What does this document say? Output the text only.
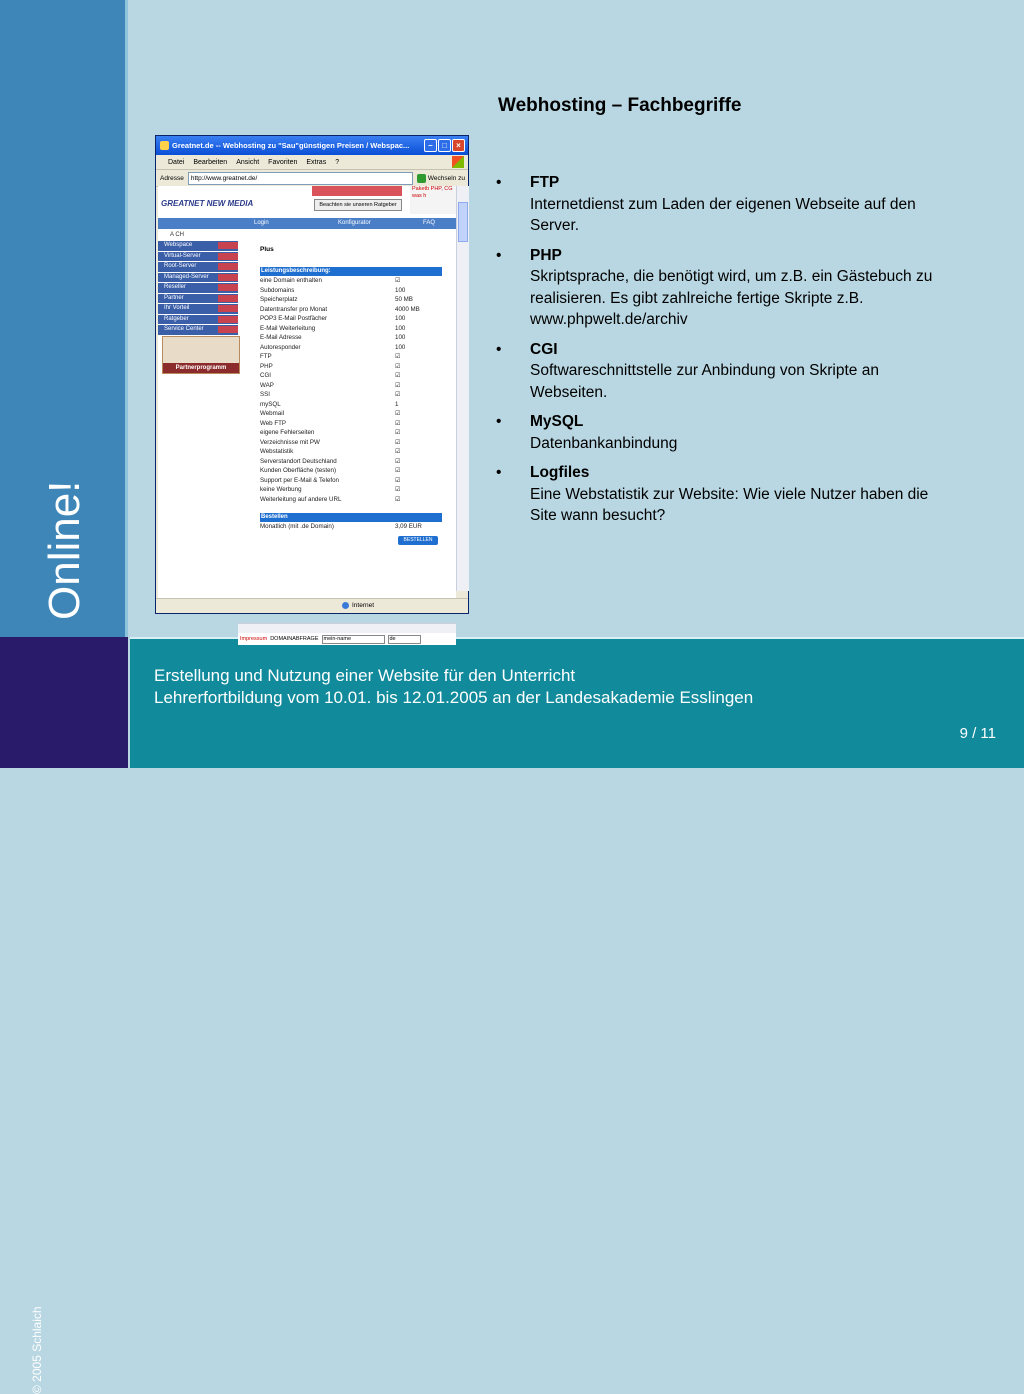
Online!
© 2005 Schlaich
Erstellung und Nutzung einer Website für den Unterricht
Lehrerfortbildung vom 10.01. bis 12.01.2005 an der Landesakademie Esslingen
9 / 11
Webhosting – Fachbegriffe
•	FTP
Internetdienst zum Laden der eigenen Webseite auf den Server.
•	PHP
Skriptsprache, die benötigt wird, um z.B. ein Gästebuch zu realisieren. Es gibt zahlreiche fertige Skripte z.B. www.phpwelt.de/archiv
•	CGI
Softwareschnittstelle zur Anbindung von Skripte an Webseiten.
•	MySQL
Datenbankanbindung
•	Logfiles
Eine Webstatistik zur Website: Wie viele Nutzer haben die Site wann besucht?
Greatnet.de -- Webhosting zu "Sau"günstigen Preisen / Webspac...	–	□	×
Datei Bearbeiten Ansicht Favoriten Extras ?
Adresse	http://www.greatnet.de/	Wechseln zu
GREATNET NEW MEDIA	Beachten sie unseren Ratgeber
Paketb PHP, CG was h
Login	Konfigurator	FAQ
A CH
Webspace
Virtual-Server
Root-Server
Managed-Server
Reseller
Partner
Ihr Vorteil
Ratgeber
Service Center
Partnerprogramm
Plus
Leistungsbeschreibung:
eine Domain enthalten	☑
Subdomains	100
Speicherplatz	50 MB
Datentransfer pro Monat	4000 MB
POP3 E-Mail Postfächer	100
E-Mail Weiterleitung	100
E-Mail Adresse	100
Autoresponder	100
FTP	☑
PHP	☑
CGI	☑
WAP	☑
SSI	☑
mySQL	1
Webmail	☑
Web FTP	☑
eigene Fehlerseiten	☑
Verzeichnisse mit PW	☑
Webstatistik	☑
Serverstandort Deutschland	☑
Kunden Oberfläche (testen)	☑
Support per E-Mail & Telefon	☑
keine Werbung	☑
Weiterleitung auf andere URL	☑
Bestellen
Monatlich (mit .de Domain)	3,09 EUR
BESTELLEN
Impressum DOMAINABFRAGE mein-name	de
Internet
